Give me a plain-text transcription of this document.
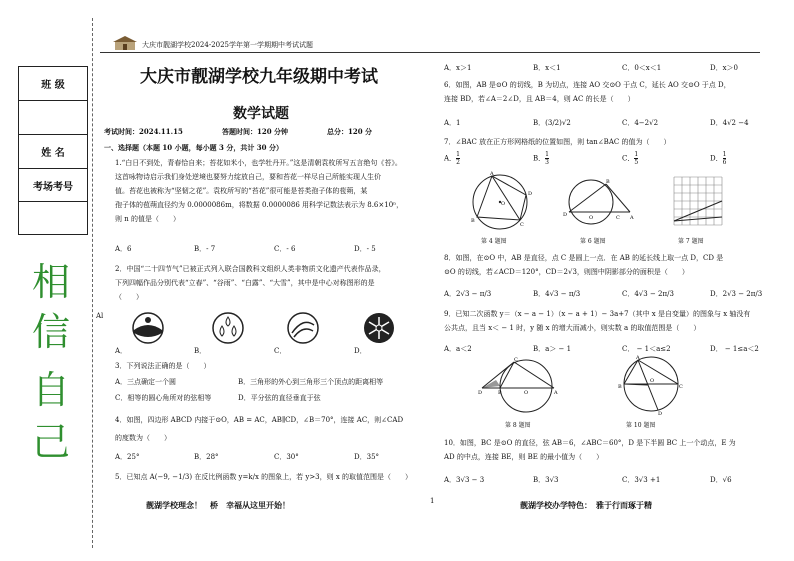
大庆市靓湖学校2024-2025学年第一学期期中考试试题
班 级
姓 名
考场考号
相
信
自
己
Al
大庆市靓湖学校九年级期中考试
数学试题
考试时间：2024.11.15	答题时间：120 分钟	总分：120 分
一、选择题（本题 10 小题，每小题 3 分，共计 30 分）
1.“白日不到处，青春恰自来；苔花如米小，也学牡丹开。”这是清朝袁枚所写五言绝句《苔》。
这首咏物诗启示我们身处逆境也要努力绽放自己，要和苔花一样尽自己所能实现人生价
值。苔花也被称为“坚韧之花”。袁枚所写的“苔花”很可能是苔类孢子体的苞蒴，某
孢子体的苞蒴直径约为 0.0000086m，将数据 0.0000086 用科学记数法表示为 8.6×10ⁿ，
则 n 的值是（　　）
A．6	B．- 7	C．- 6	D．- 5
2．中国“二十四节气”已被正式列入联合国教科文组织人类非物质文化遗产代表作品录，
下列四幅作品分别代表“立春”、“谷雨”、“白露”、“大雪”，其中是中心对称图形的是
（　　）
A．	B．	C．	D．
3．下列说法正确的是（　　）
A．三点确定一个圆	B．三角形的外心到三角形三个顶点的距离相等
C．相等的圆心角所对的弦相等	D．平分弦的直径垂直于弦
4．如图，四边形 ABCD 内接于⊙O，AB = AC，AB∥CD，∠B＝70°，连接 AC，则∠CAD
的度数为（　　）
A．25°	B．28°	C．30°	D．35°
5．已知点 A(−9, −1/3) 在反比例函数 y=k/x 的图象上，若 y>3，则 x 的取值范围是（　　）
靓湖学校理念！　桥　幸福从这里开始！	1
A．x＞1	B．x＜1	C．0＜x＜1	D．x＞0
6．如图，AB 是⊙O 的切线，B 为切点，连接 AO 交⊙O 于点 C，延长 AO 交⊙O 于点 D，
连接 BD，若∠A＝2∠D，且 AB＝4，则 AC 的长是（　　）
A．1	B．(3/2)√2	C．4−2√2	D．4√2 −4
7．∠BAC 放在正方形网格纸的位置如图，则 tan∠BAC 的值为（　　）
A． $\frac{1}{2}$	B． $\frac{1}{3}$	C． $\frac{1}{5}$	D． $\frac{1}{6}$
A
B
C
D
O
D	O	C A
B
第 4 题图	第 6 题图	第 7 题图
8．如图，在⊙O 中，AB 是直径，点 C 是圆上一点．在 AB 的延长线上取一点 D，CD 是
⊙O 的切线，若∠ACD＝120°，CD＝2√3，则图中阴影部分的面积是（　　）
A．2√3 − π/3	B．4√3 − π/3	C．4√3 − 2π/3	D．2√3 − 2π/3
9．已知二次函数 y＝（x − a − 1）（x − a + 1）− 3a+7（其中 x 是自变量）的图象与 x 轴没有
公共点，且当 x＜ − 1 时，y 随 x 的增大而减小，则实数 a 的取值范围是（　　）
A．a＜2	B．a＞ − 1	C． − 1＜a≤2	D． − 1≤a＜2
D	B	O	A
C
B	C
A
O
D
第 8 题图	第 10 题图
10．如图，BC 是⊙O 的直径，弦 AB＝6，∠ABC＝60°，D 是下半圆 BC 上一个动点，E 为
AD 的中点，连接 BE，则 BE 的最小值为（　　）
A．3√3 − 3	B．3√3	C．3√3 +1	D．√6
靓湖学校办学特色：　雅于行而琢于精
